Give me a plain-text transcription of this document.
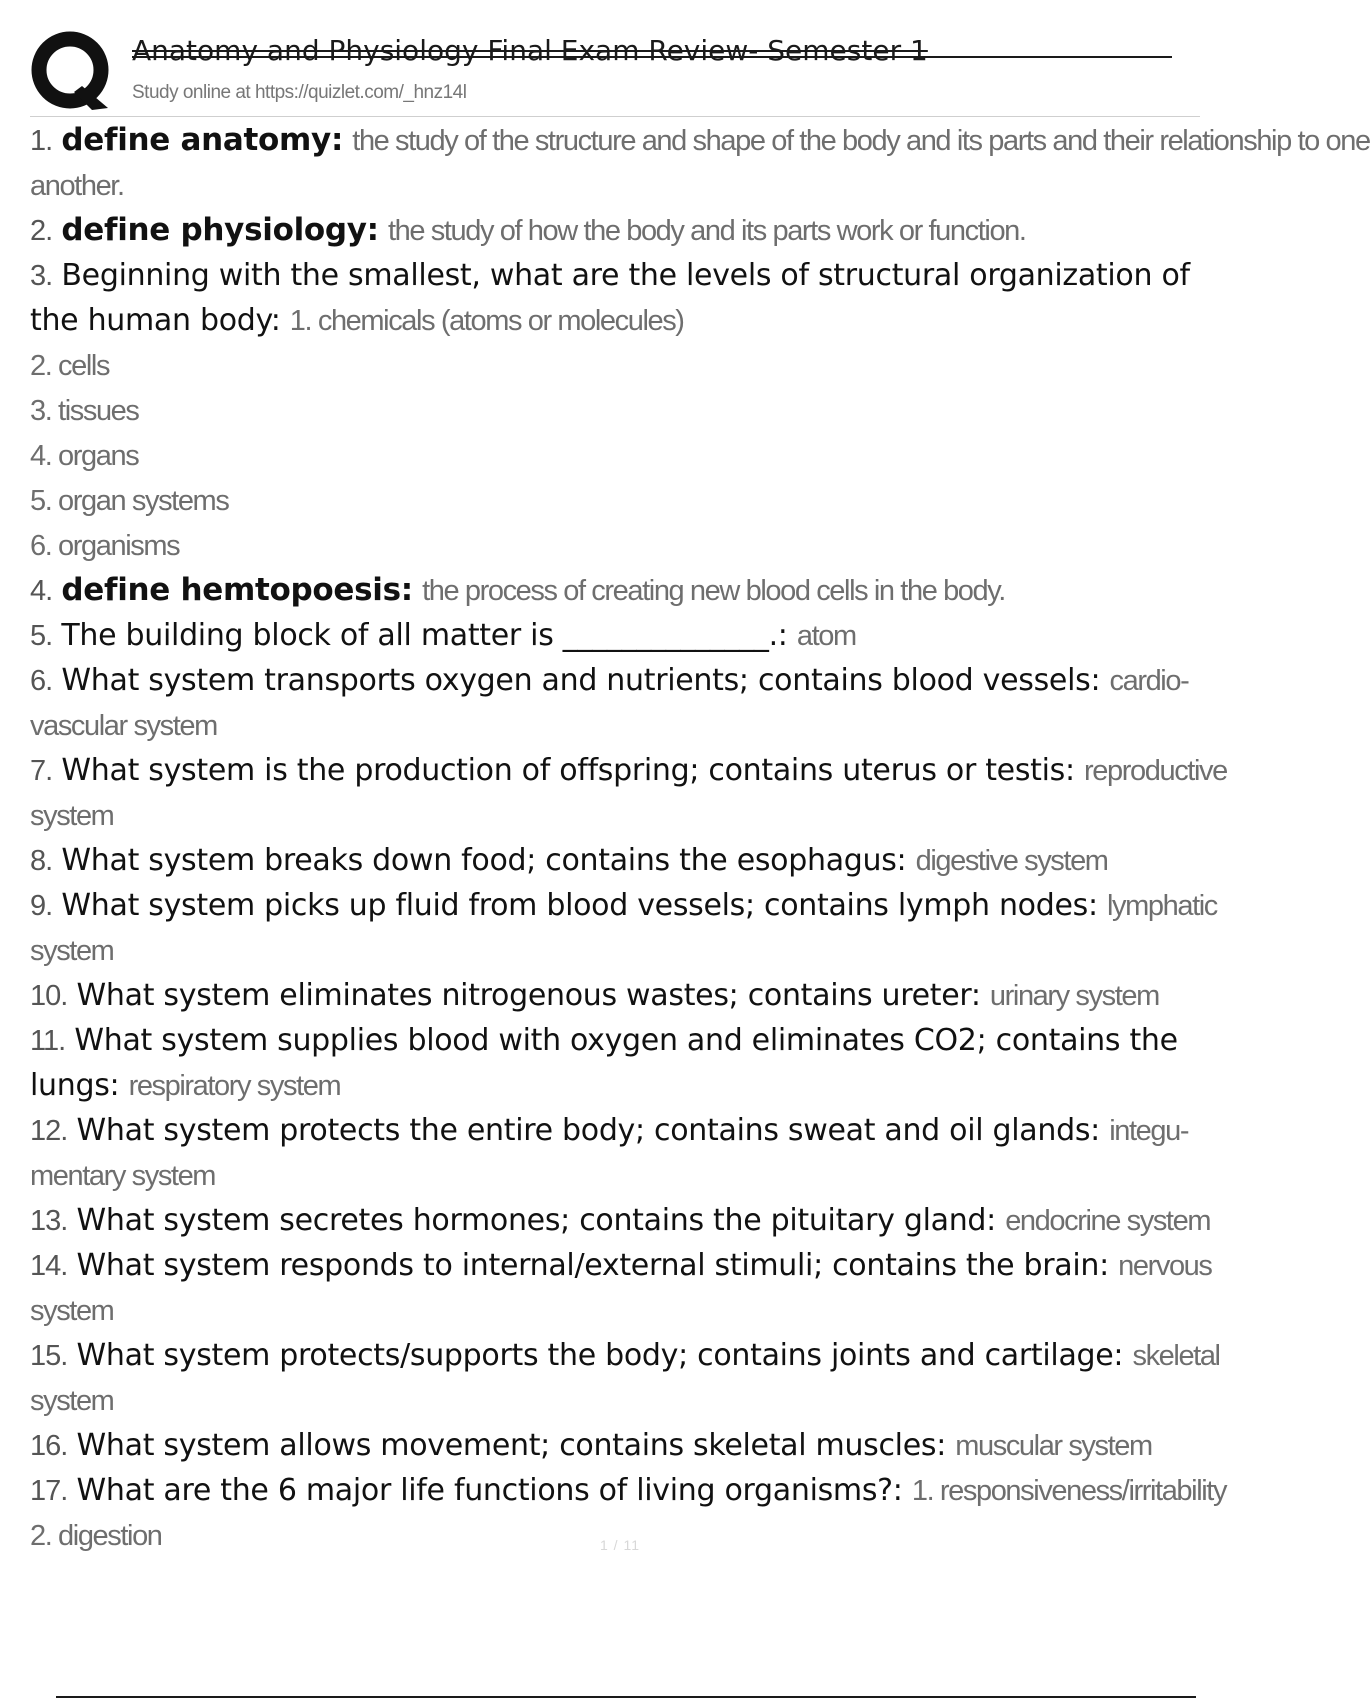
Anatomy and Physiology Final Exam Review- Semester 1
Study online at https://quizlet.com/_hnz14l
1. define anatomy: the study of the structure and shape of the body and its parts and their relationship to one
another.
2. define physiology: the study of how the body and its parts work or function.
3. Beginning with the smallest, what are the levels of structural organization of
the human body: 1. chemicals (atoms or molecules)
2. cells
3. tissues
4. organs
5. organ systems
6. organisms
4. define hemtopoesis: the process of creating new blood cells in the body.
5. The building block of all matter is ______________.: atom
6. What system transports oxygen and nutrients; contains blood vessels: cardio-
vascular system
7. What system is the production of offspring; contains uterus or testis: reproductive
system
8. What system breaks down food; contains the esophagus: digestive system
9. What system picks up fluid from blood vessels; contains lymph nodes: lymphatic
system
10. What system eliminates nitrogenous wastes; contains ureter: urinary system
11. What system supplies blood with oxygen and eliminates CO2; contains the
lungs: respiratory system
12. What system protects the entire body; contains sweat and oil glands: integu-
mentary system
13. What system secretes hormones; contains the pituitary gland: endocrine system
14. What system responds to internal/external stimuli; contains the brain: nervous
system
15. What system protects/supports the body; contains joints and cartilage: skeletal
system
16. What system allows movement; contains skeletal muscles: muscular system
17. What are the 6 major life functions of living organisms?: 1. responsiveness/irritability
2. digestion	1 / 11
